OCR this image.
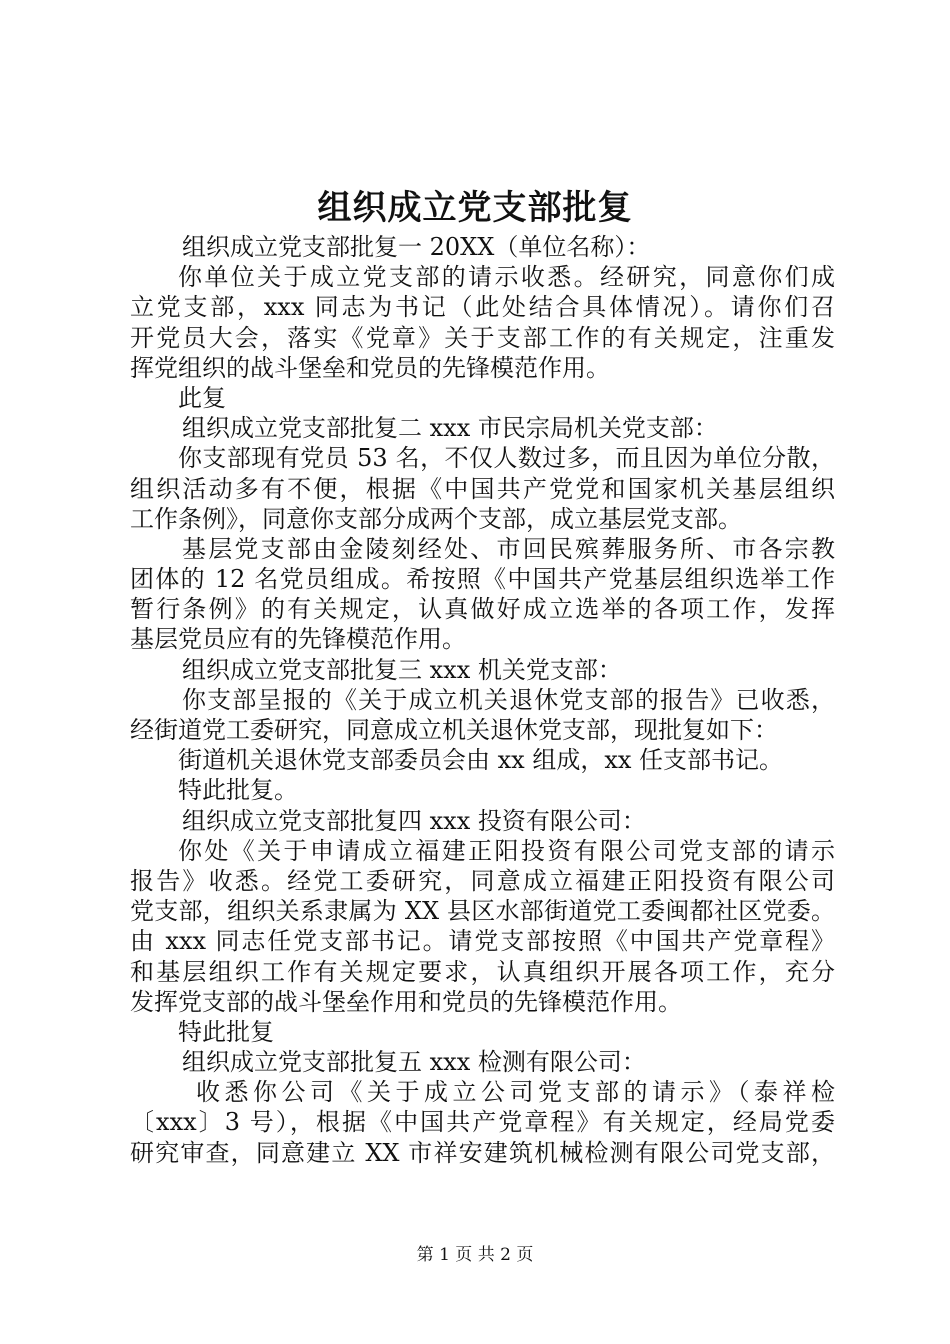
组织成立党支部批复
组织成立党支部批复一 20XX（单位名称）：
你单位关于成立党支部的请示收悉。经研究，同意你们成
立党支部，xxx 同志为书记（此处结合具体情况）。请你们召
开党员大会，落实《党章》关于支部工作的有关规定，注重发
挥党组织的战斗堡垒和党员的先锋模范作用。
此复
组织成立党支部批复二 xxx 市民宗局机关党支部：
你支部现有党员 53 名，不仅人数过多，而且因为单位分散，
组织活动多有不便，根据《中国共产党党和国家机关基层组织
工作条例》，同意你支部分成两个支部，成立基层党支部。
基层党支部由金陵刻经处、市回民殡葬服务所、市各宗教
团体的 12 名党员组成。希按照《中国共产党基层组织选举工作
暂行条例》的有关规定，认真做好成立选举的各项工作，发挥
基层党员应有的先锋模范作用。
组织成立党支部批复三 xxx 机关党支部：
你支部呈报的《关于成立机关退休党支部的报告》已收悉，
经街道党工委研究，同意成立机关退休党支部，现批复如下：
街道机关退休党支部委员会由 xx 组成，xx 任支部书记。
特此批复。
组织成立党支部批复四 xxx 投资有限公司：
你处《关于申请成立福建正阳投资有限公司党支部的请示
报告》收悉。经党工委研究，同意成立福建正阳投资有限公司
党支部，组织关系隶属为 XX 县区水部街道党工委闽都社区党委。
由 xxx 同志任党支部书记。请党支部按照《中国共产党章程》
和基层组织工作有关规定要求，认真组织开展各项工作，充分
发挥党支部的战斗堡垒作用和党员的先锋模范作用。
特此批复
组织成立党支部批复五 xxx 检测有限公司：
收悉你公司《关于成立公司党支部的请示》（泰祥检
〔xxx〕3 号），根据《中国共产党章程》有关规定，经局党委
研究审查，同意建立 XX 市祥安建筑机械检测有限公司党支部，
第 1 页 共 2 页
